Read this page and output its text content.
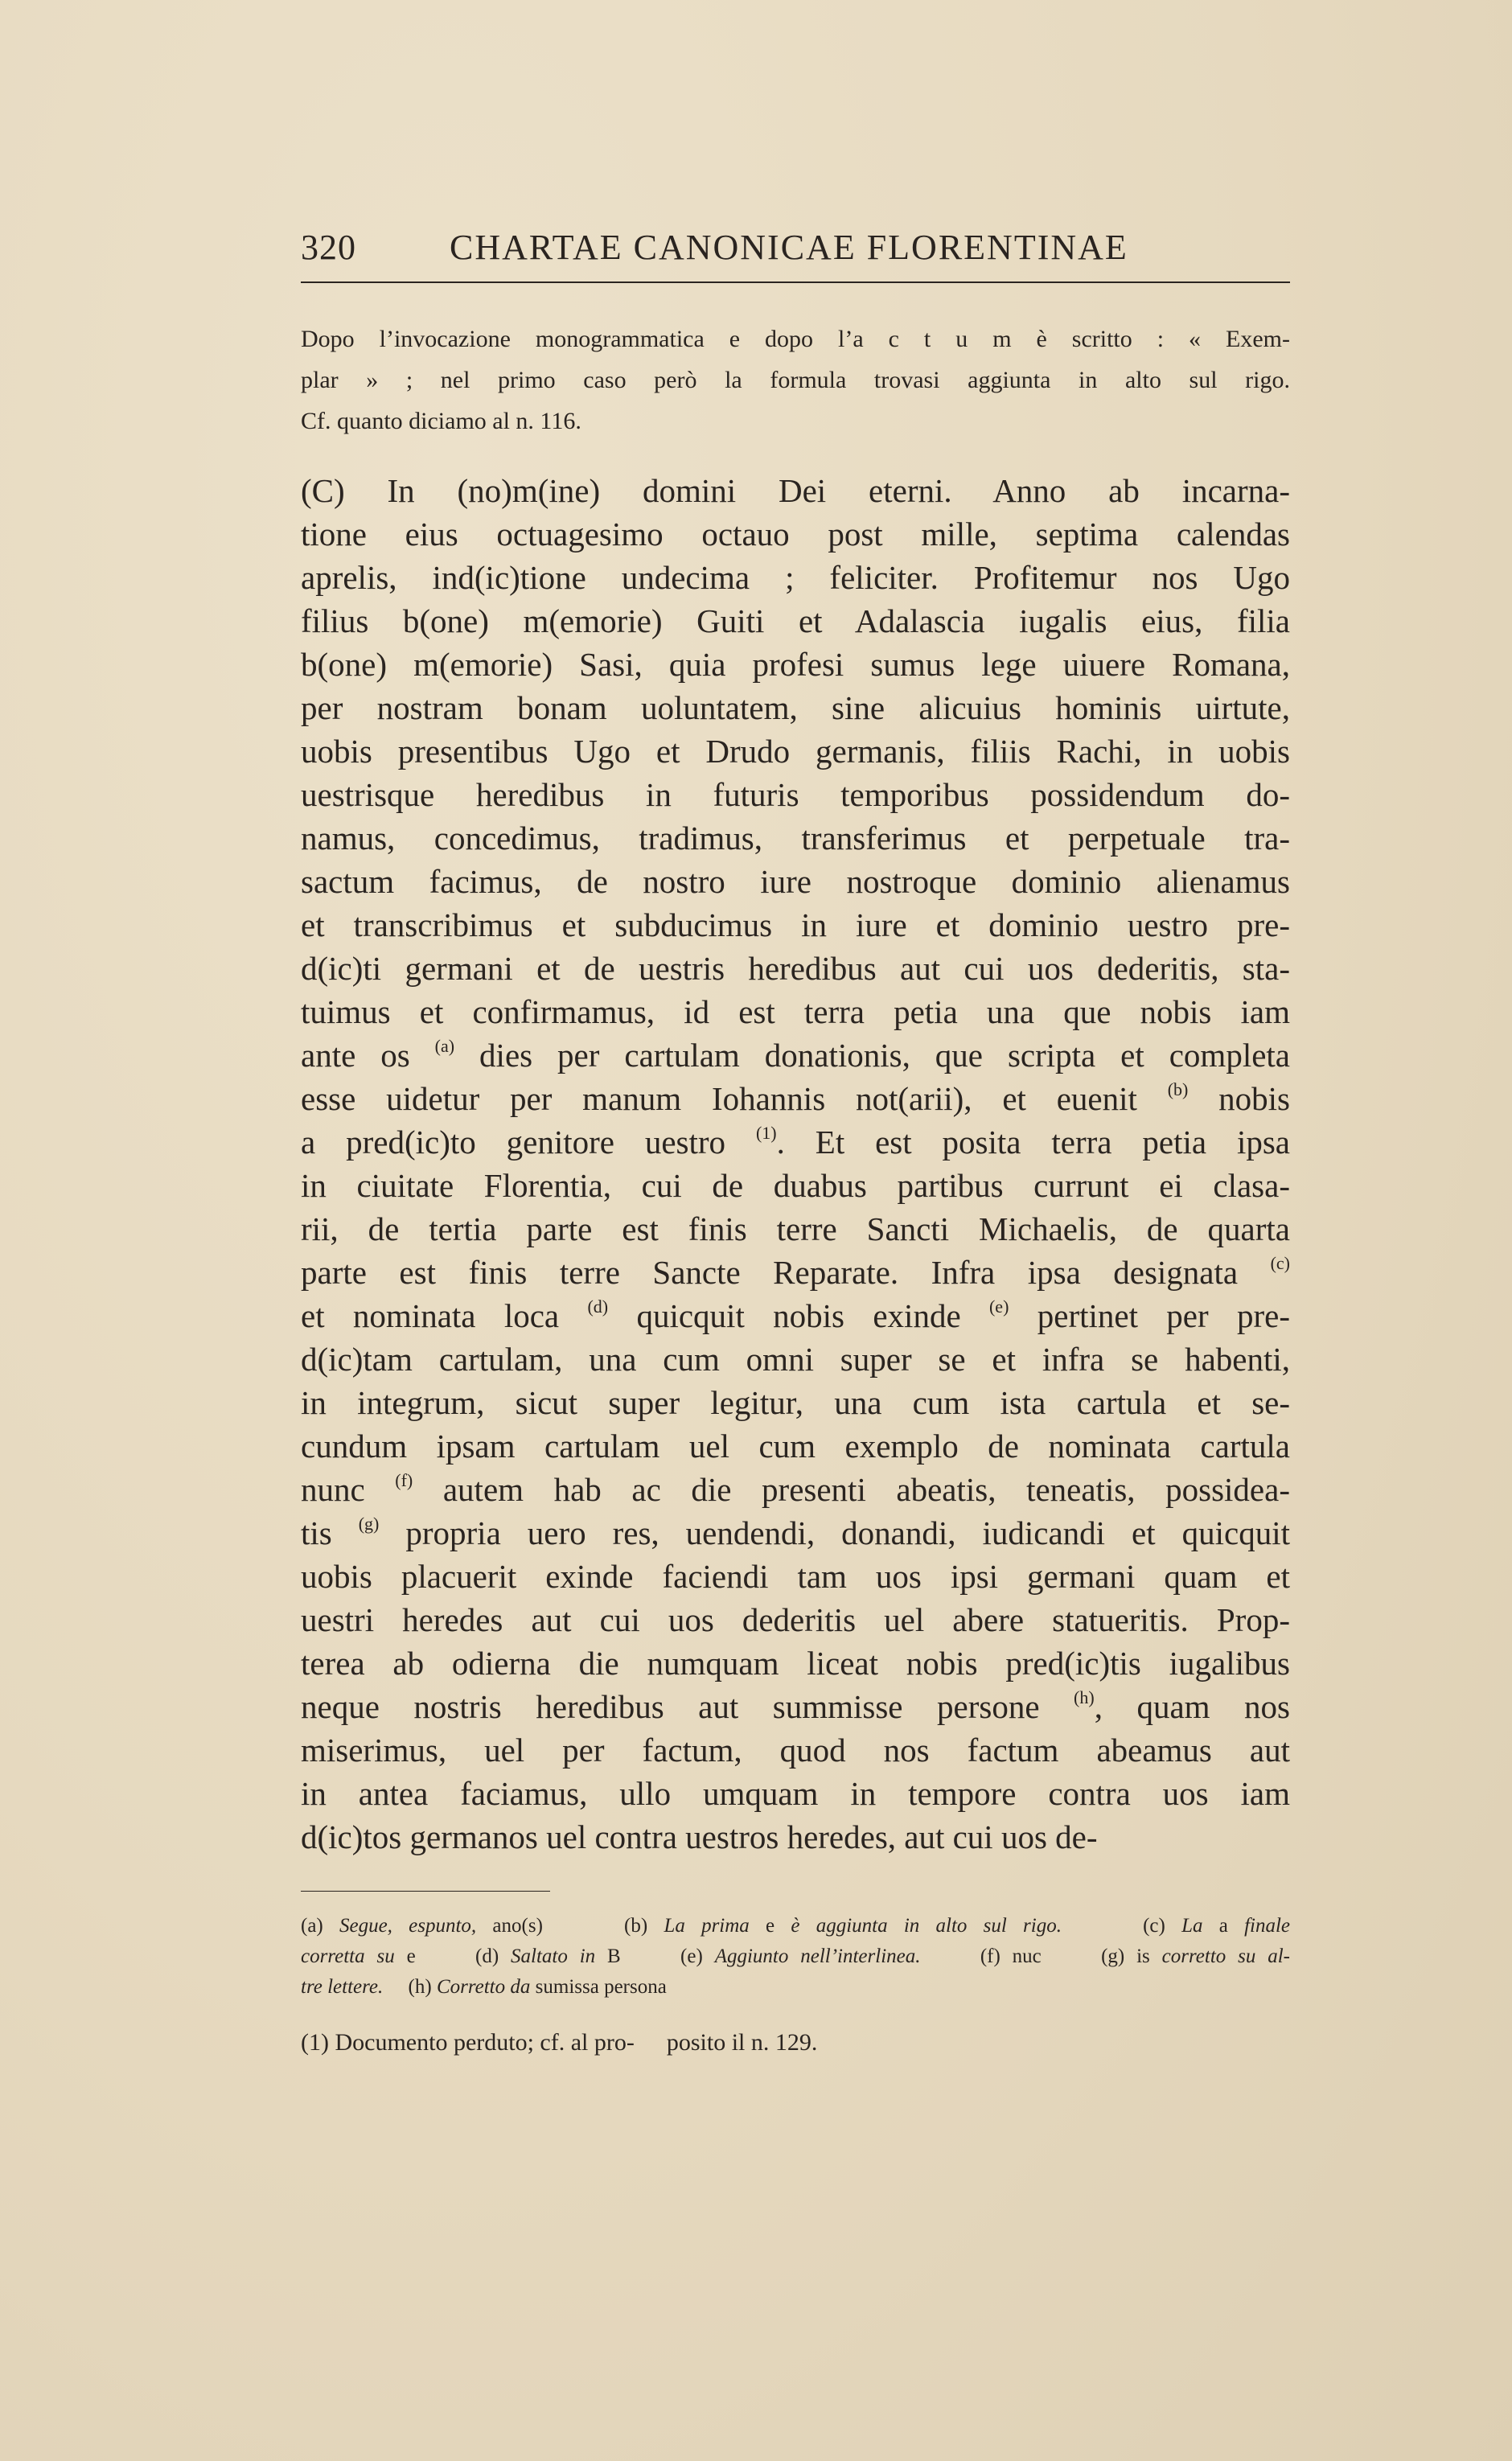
320	CHARTAE CANONICAE FLORENTINAE
Dopo l’invocazione monogrammatica e dopo l’a c t u m è scritto : « Exem-
plar » ; nel primo caso però la formula trovasi aggiunta in alto sul rigo.
Cf. quanto diciamo al n. 116.
(C) In (no)m(ine) domini Dei eterni. Anno ab incarna-
tione eius octuagesimo octauo post mille, septima calendas
aprelis, ind(ic)tione undecima ; feliciter. Profitemur nos Ugo
filius b(one) m(emorie) Guiti et Adalascia iugalis eius, filia
b(one) m(emorie) Sasi, quia profesi sumus lege uiuere Romana,
per nostram bonam uoluntatem, sine alicuius hominis uirtute,
uobis presentibus Ugo et Drudo germanis, filiis Rachi, in uobis
uestrisque heredibus in futuris temporibus possidendum do-
namus, concedimus, tradimus, transferimus et perpetuale tra-
sactum facimus, de nostro iure nostroque dominio alienamus
et transcribimus et subducimus in iure et dominio uestro pre-
d(ic)ti germani et de uestris heredibus aut cui uos dederitis, sta-
tuimus et confirmamus, id est terra petia una que nobis iam
ante os $^{(a)}$ dies per cartulam donationis, que scripta et completa
esse uidetur per manum Iohannis not(arii), et euenit $^{(b)}$ nobis
a pred(ic)to genitore uestro $^{(1)}$. Et est posita terra petia ipsa
in ciuitate Florentia, cui de duabus partibus currunt ei clasa-
rii, de tertia parte est finis terre Sancti Michaelis, de quarta
parte est finis terre Sancte Reparate. Infra ipsa designata $^{(c)}$
et nominata loca $^{(d)}$ quicquit nobis exinde $^{(e)}$ pertinet per pre-
d(ic)tam cartulam, una cum omni super se et infra se habenti,
in integrum, sicut super legitur, una cum ista cartula et se-
cundum ipsam cartulam uel cum exemplo de nominata cartula
nunc $^{(f)}$ autem hab ac die presenti abeatis, teneatis, possidea-
tis $^{(g)}$ propria uero res, uendendi, donandi, iudicandi et quicquit
uobis placuerit exinde faciendi tam uos ipsi germani quam et
uestri heredes aut cui uos dederitis uel abere statueritis. Prop-
terea ab odierna die numquam liceat nobis pred(ic)tis iugalibus
neque nostris heredibus aut summisse persone $^{(h)}$, quam nos
miserimus, uel per factum, quod nos factum abeamus aut
in antea faciamus, ullo umquam in tempore contra uos iam
d(ic)tos germanos uel contra uestros heredes, aut cui uos de-
(a) Segue, espunto, ano(s)     (b) La prima e è aggiunta in alto sul rigo.     (c) La a finale
corretta su e     (d) Saltato in B     (e) Aggiunto nell’interlinea.     (f) nuc     (g) is corretto su al-
tre lettere.     (h) Corretto da sumissa persona
(1) Documento perduto; cf. al pro- posito il n. 129.
